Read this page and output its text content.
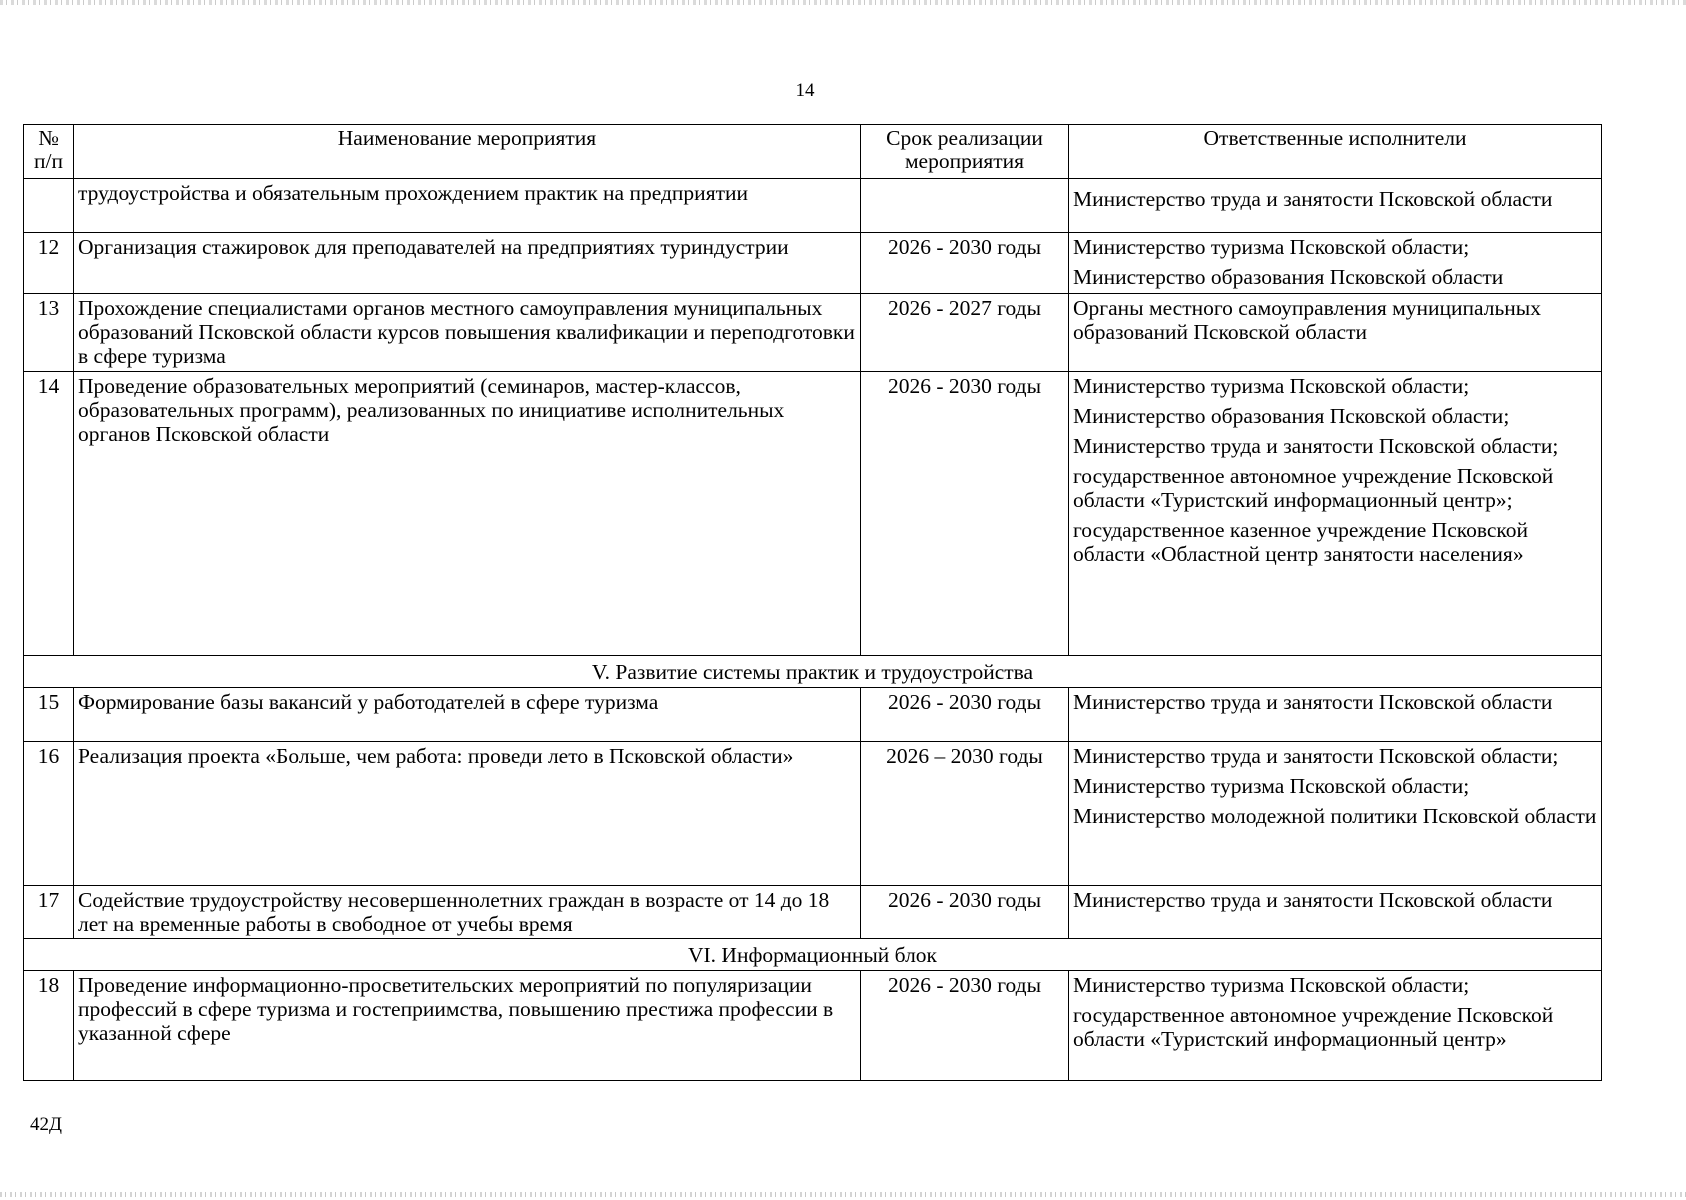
14
№ п/п	Наименование мероприятия	Срок реализации мероприятия	Ответственные исполнители
	трудоустройства и обязательным прохождением практик на предприятии		Министерство труда и занятости Псковской области

12	Организация стажировок для преподавателей на предприятиях туриндустрии	2026 - 2030 годы	Министерство туризма Псковской области;
Министерство образования Псковской области

13	Прохождение специалистами органов местного самоуправления муниципальных образований Псковской области курсов повышения квалификации и переподготовки в сфере туризма	2026 - 2027 годы	Органы местного самоуправления муниципальных образований Псковской области

14	Проведение образовательных мероприятий (семинаров, мастер-классов, образовательных программ), реализованных по инициативе исполнительных органов Псковской области	2026 - 2030 годы	Министерство туризма Псковской области;
Министерство образования Псковской области;
Министерство труда и занятости Псковской области;
государственное автономное учреждение Псковской области «Туристский информационный центр»;
государственное казенное учреждение Псковской области «Областной центр занятости населения»

V. Развитие системы практик и трудоустройства			
15	Формирование базы вакансий у работодателей в сфере туризма	2026 - 2030 годы	Министерство труда и занятости Псковской области

16	Реализация проекта «Больше, чем работа: проведи лето в Псковской области»	2026 – 2030 годы	Министерство труда и занятости Псковской области;
Министерство туризма Псковской области;
Министерство молодежной политики Псковской области

17	Содействие трудоустройству несовершеннолетних граждан в возрасте от 14 до 18 лет на временные работы в свободное от учебы время	2026 - 2030 годы	Министерство труда и занятости Псковской области

VI. Информационный блок			
18	Проведение информационно-просветительских мероприятий по популяризации профессий в сфере туризма и гостеприимства, повышению престижа профессии в указанной сфере	2026 - 2030 годы	Министерство туризма Псковской области;
государственное автономное учреждение Псковской области «Туристский информационный центр»
42Д
